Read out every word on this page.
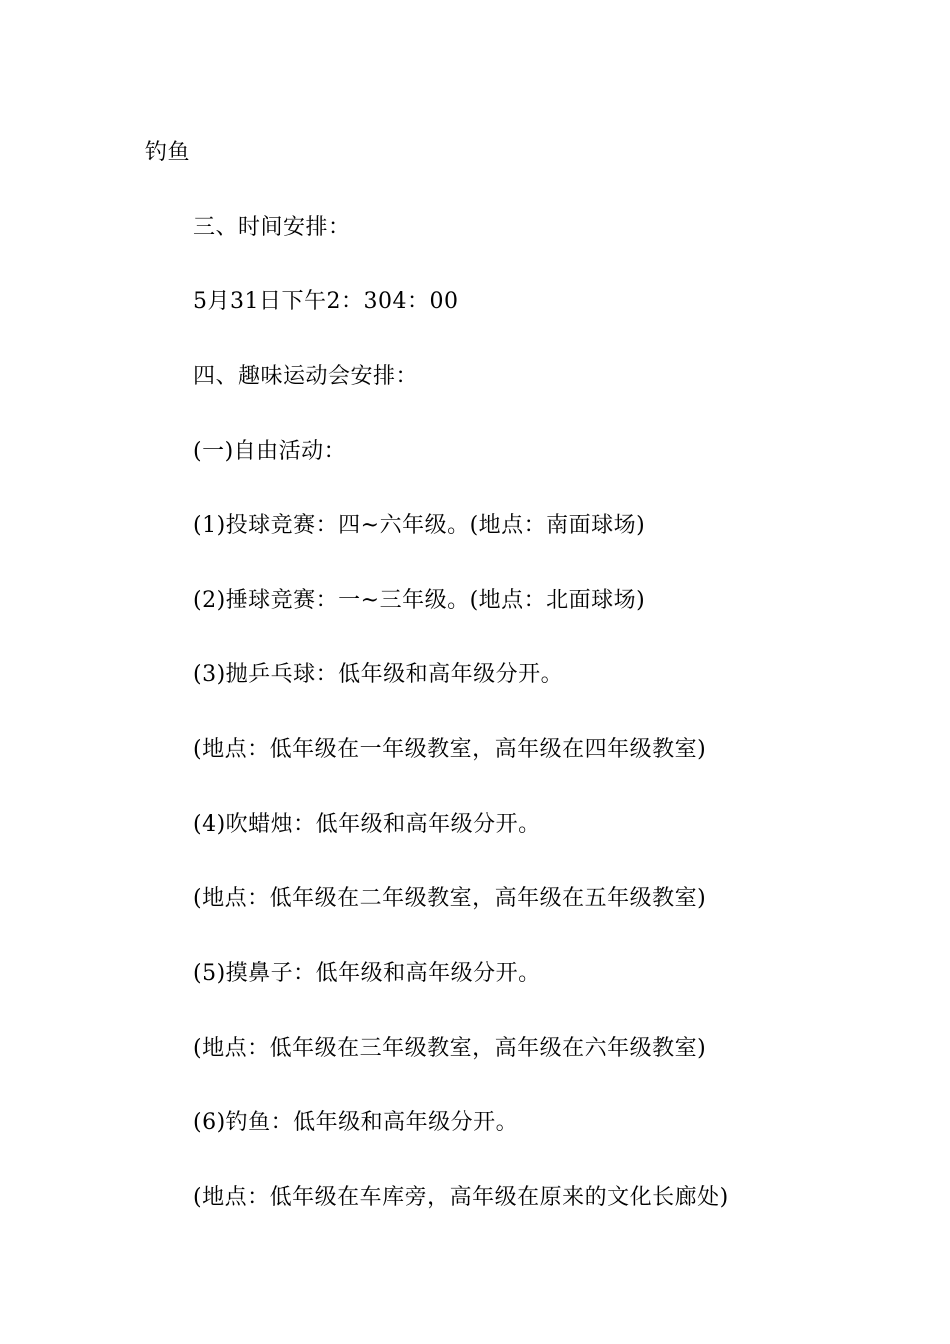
钓鱼
三、时间安排：
5月31日下午2：304：00
四、趣味运动会安排：
(一)自由活动：
(1)投球竞赛：四~六年级。(地点：南面球场)
(2)捶球竞赛：一~三年级。(地点：北面球场)
(3)抛乒乓球：低年级和高年级分开。
(地点：低年级在一年级教室，高年级在四年级教室)
(4)吹蜡烛：低年级和高年级分开。
(地点：低年级在二年级教室，高年级在五年级教室)
(5)摸鼻子：低年级和高年级分开。
(地点：低年级在三年级教室，高年级在六年级教室)
(6)钓鱼：低年级和高年级分开。
(地点：低年级在车库旁，高年级在原来的文化长廊处)
